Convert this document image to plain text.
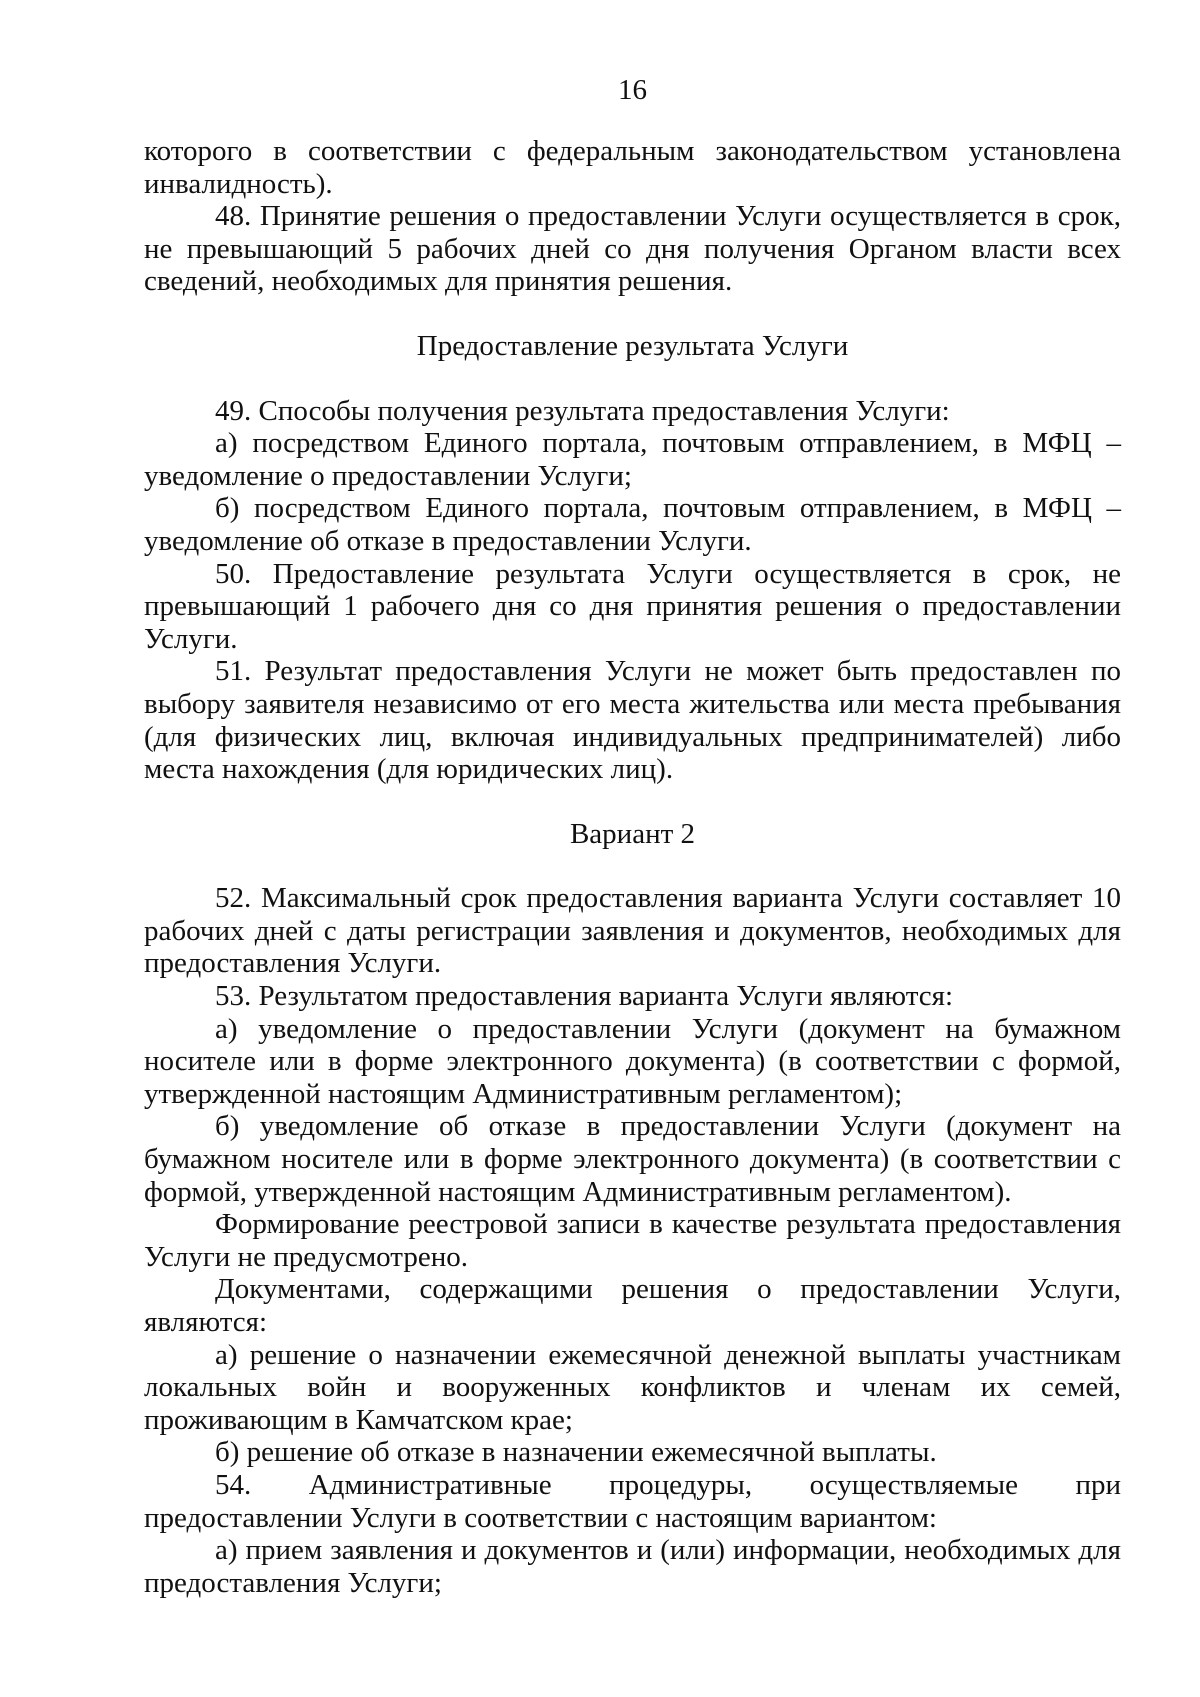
16

которого в соответствии с федеральным законодательством установлена инвалидность).

48. Принятие решения о предоставлении Услуги осуществляется в срок, не превышающий 5 рабочих дней со дня получения Органом власти всех сведений, необходимых для принятия решения.

Предоставление результата Услуги

49. Способы получения результата предоставления Услуги:

а) посредством Единого портала, почтовым отправлением, в МФЦ – уведомление о предоставлении Услуги;

б) посредством Единого портала, почтовым отправлением, в МФЦ – уведомление об отказе в предоставлении Услуги.

50. Предоставление результата Услуги осуществляется в срок, не превышающий 1 рабочего дня со дня принятия решения о предоставлении Услуги.

51. Результат предоставления Услуги не может быть предоставлен по выбору заявителя независимо от его места жительства или места пребывания (для физических лиц, включая индивидуальных предпринимателей) либо места нахождения (для юридических лиц).

Вариант 2

52. Максимальный срок предоставления варианта Услуги составляет 10 рабочих дней с даты регистрации заявления и документов, необходимых для предоставления Услуги.

53. Результатом предоставления варианта Услуги являются:

а) уведомление о предоставлении Услуги (документ на бумажном носителе или в форме электронного документа) (в соответствии с формой, утвержденной настоящим Административным регламентом);

б) уведомление об отказе в предоставлении Услуги (документ на бумажном носителе или в форме электронного документа) (в соответствии с формой, утвержденной настоящим Административным регламентом).

Формирование реестровой записи в качестве результата предоставления Услуги не предусмотрено.

Документами, содержащими решения о предоставлении Услуги, являются:

а) решение о назначении ежемесячной денежной выплаты участникам локальных войн и вооруженных конфликтов и членам их семей, проживающим в Камчатском крае;

б) решение об отказе в назначении ежемесячной выплаты.

54. Административные процедуры, осуществляемые при предоставлении Услуги в соответствии с настоящим вариантом:

а) прием заявления и документов и (или) информации, необходимых для предоставления Услуги;
